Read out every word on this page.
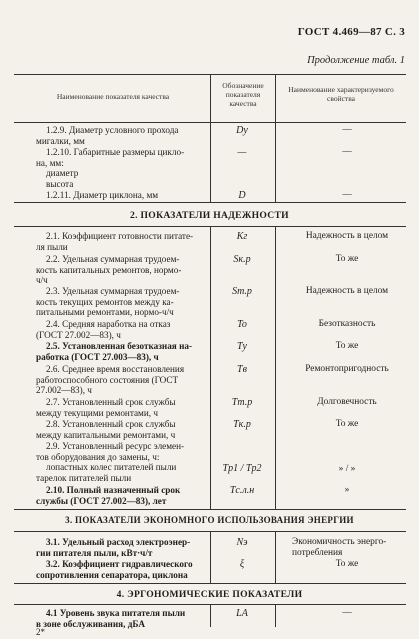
ГОСТ 4.469—87 С. 3
Продолжение табл. 1
Наименование показателя качества
Обозначение показателя качества
Наименование характеризуемого свойства
1.2.9. Диаметр условного прохода
мигалки, мм
Dу	—
1.2.10. Габаритные размеры цикло-
на, мм:
диаметр
высота
—	—
1.2.11. Диаметр циклона, мм	D	—
2. ПОКАЗАТЕЛИ НАДЕЖНОСТИ
2.1. Коэффициент готовности питате-
ля пыли
Kг	Надежность в целом
2.2. Удельная суммарная трудоем-
кость капитальных ремонтов, нормо-
ч/ч
Sк.р	То же
2.3. Удельная суммарная трудоем-
кость текущих ремонтов между ка-
питальными ремонтами, нормо-ч/ч
Sт.р	Надежность в целом
2.4. Средняя наработка на отказ
(ГОСТ 27.002—83), ч
To	Безотказность
2.5. Установленная безотказная на-
работка (ГОСТ 27.003—83), ч
Tу	То же
2.6. Среднее время восстановления
работоспособного состояния (ГОСТ
27.002—83), ч
Tв	Ремонтопригодность
2.7. Установленный срок службы
между текущими ремонтами, ч
Tт.р	Долговечность
2.8. Установленный срок службы
между капитальными ремонтами, ч
Tк.р	То же
2.9. Установленный ресурс элемен-
тов оборудования до замены, ч:
лопастных колес питателей пыли
тарелок питателей пыли
Tр1 / Tр2	» / »
2.10. Полный назначенный срок
службы (ГОСТ 27.002—83), лет
Tс.л.н	»
3. ПОКАЗАТЕЛИ ЭКОНОМНОГО ИСПОЛЬЗОВАНИЯ ЭНЕРГИИ
3.1. Удельный расход электроэнер-
гии питателя пыли, кВт·ч/т
Nэ	Экономичность энерго-
потребления
3.2. Коэффициент гидравлического
сопротивления сепаратора, циклона
ξ	То же
4. ЭРГОНОМИЧЕСКИЕ ПОКАЗАТЕЛИ
4.1 Уровень звука питателя пыли
в зоне обслуживания, дБА
LA	—
2*
